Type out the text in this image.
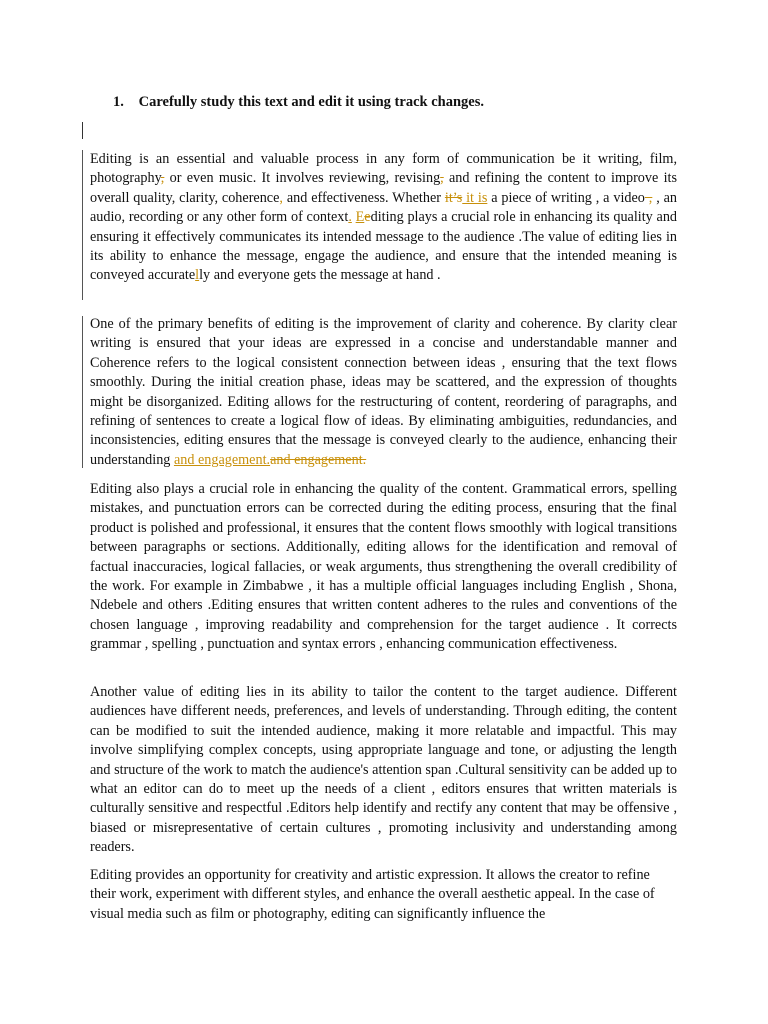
1. Carefully study this text and edit it using track changes.

Editing is an essential and valuable process in any form of communication be it writing, film, photography, or even music. It involves reviewing, revising, and refining the content to improve its overall quality, clarity, coherence, and effectiveness. Whether it’s it is a piece of writing , a video , , an audio, recording or any other form of context. Eediting plays a crucial role in enhancing its quality and ensuring it effectively communicates its intended message to the audience .The value of editing lies in its ability to enhance the message, engage the audience, and ensure that the intended meaning is conveyed accuratelly and everyone gets the message at hand .

One of the primary benefits of editing is the improvement of clarity and coherence. By clarity clear writing is ensured that your ideas are expressed in a concise and understandable manner and Coherence refers to the logical consistent connection between ideas , ensuring that the text flows smoothly. During the initial creation phase, ideas may be scattered, and the expression of thoughts might be disorganized. Editing allows for the restructuring of content, reordering of paragraphs, and refining of sentences to create a logical flow of ideas. By eliminating ambiguities, redundancies, and inconsistencies, editing ensures that the message is conveyed clearly to the audience, enhancing their understanding and engagement.and engagement.

Editing also plays a crucial role in enhancing the quality of the content. Grammatical errors, spelling mistakes, and punctuation errors can be corrected during the editing process, ensuring that the final product is polished and professional, it ensures that the content flows smoothly with logical transitions between paragraphs or sections. Additionally, editing allows for the identification and removal of factual inaccuracies, logical fallacies, or weak arguments, thus strengthening the overall credibility of the work. For example in Zimbabwe , it has a multiple official languages including English , Shona, Ndebele and others .Editing ensures that written content adheres to the rules and conventions of the chosen language , improving readability and comprehension for the target audience . It corrects grammar , spelling , punctuation and syntax errors , enhancing communication effectiveness.

Another value of editing lies in its ability to tailor the content to the target audience. Different audiences have different needs, preferences, and levels of understanding. Through editing, the content can be modified to suit the intended audience, making it more relatable and impactful. This may involve simplifying complex concepts, using appropriate language and tone, or adjusting the length and structure of the work to match the audience's attention span .Cultural sensitivity can be added up to what an editor can do to meet up the needs of a client , editors ensures that written materials is culturally sensitive and respectful .Editors help identify and rectify any content that may be offensive , biased or misrepresentative of certain cultures , promoting inclusivity and understanding among readers.

Editing provides an opportunity for creativity and artistic expression. It allows the creator to refine their work, experiment with different styles, and enhance the overall aesthetic appeal. In the case of visual media such as film or photography, editing can significantly influence the
